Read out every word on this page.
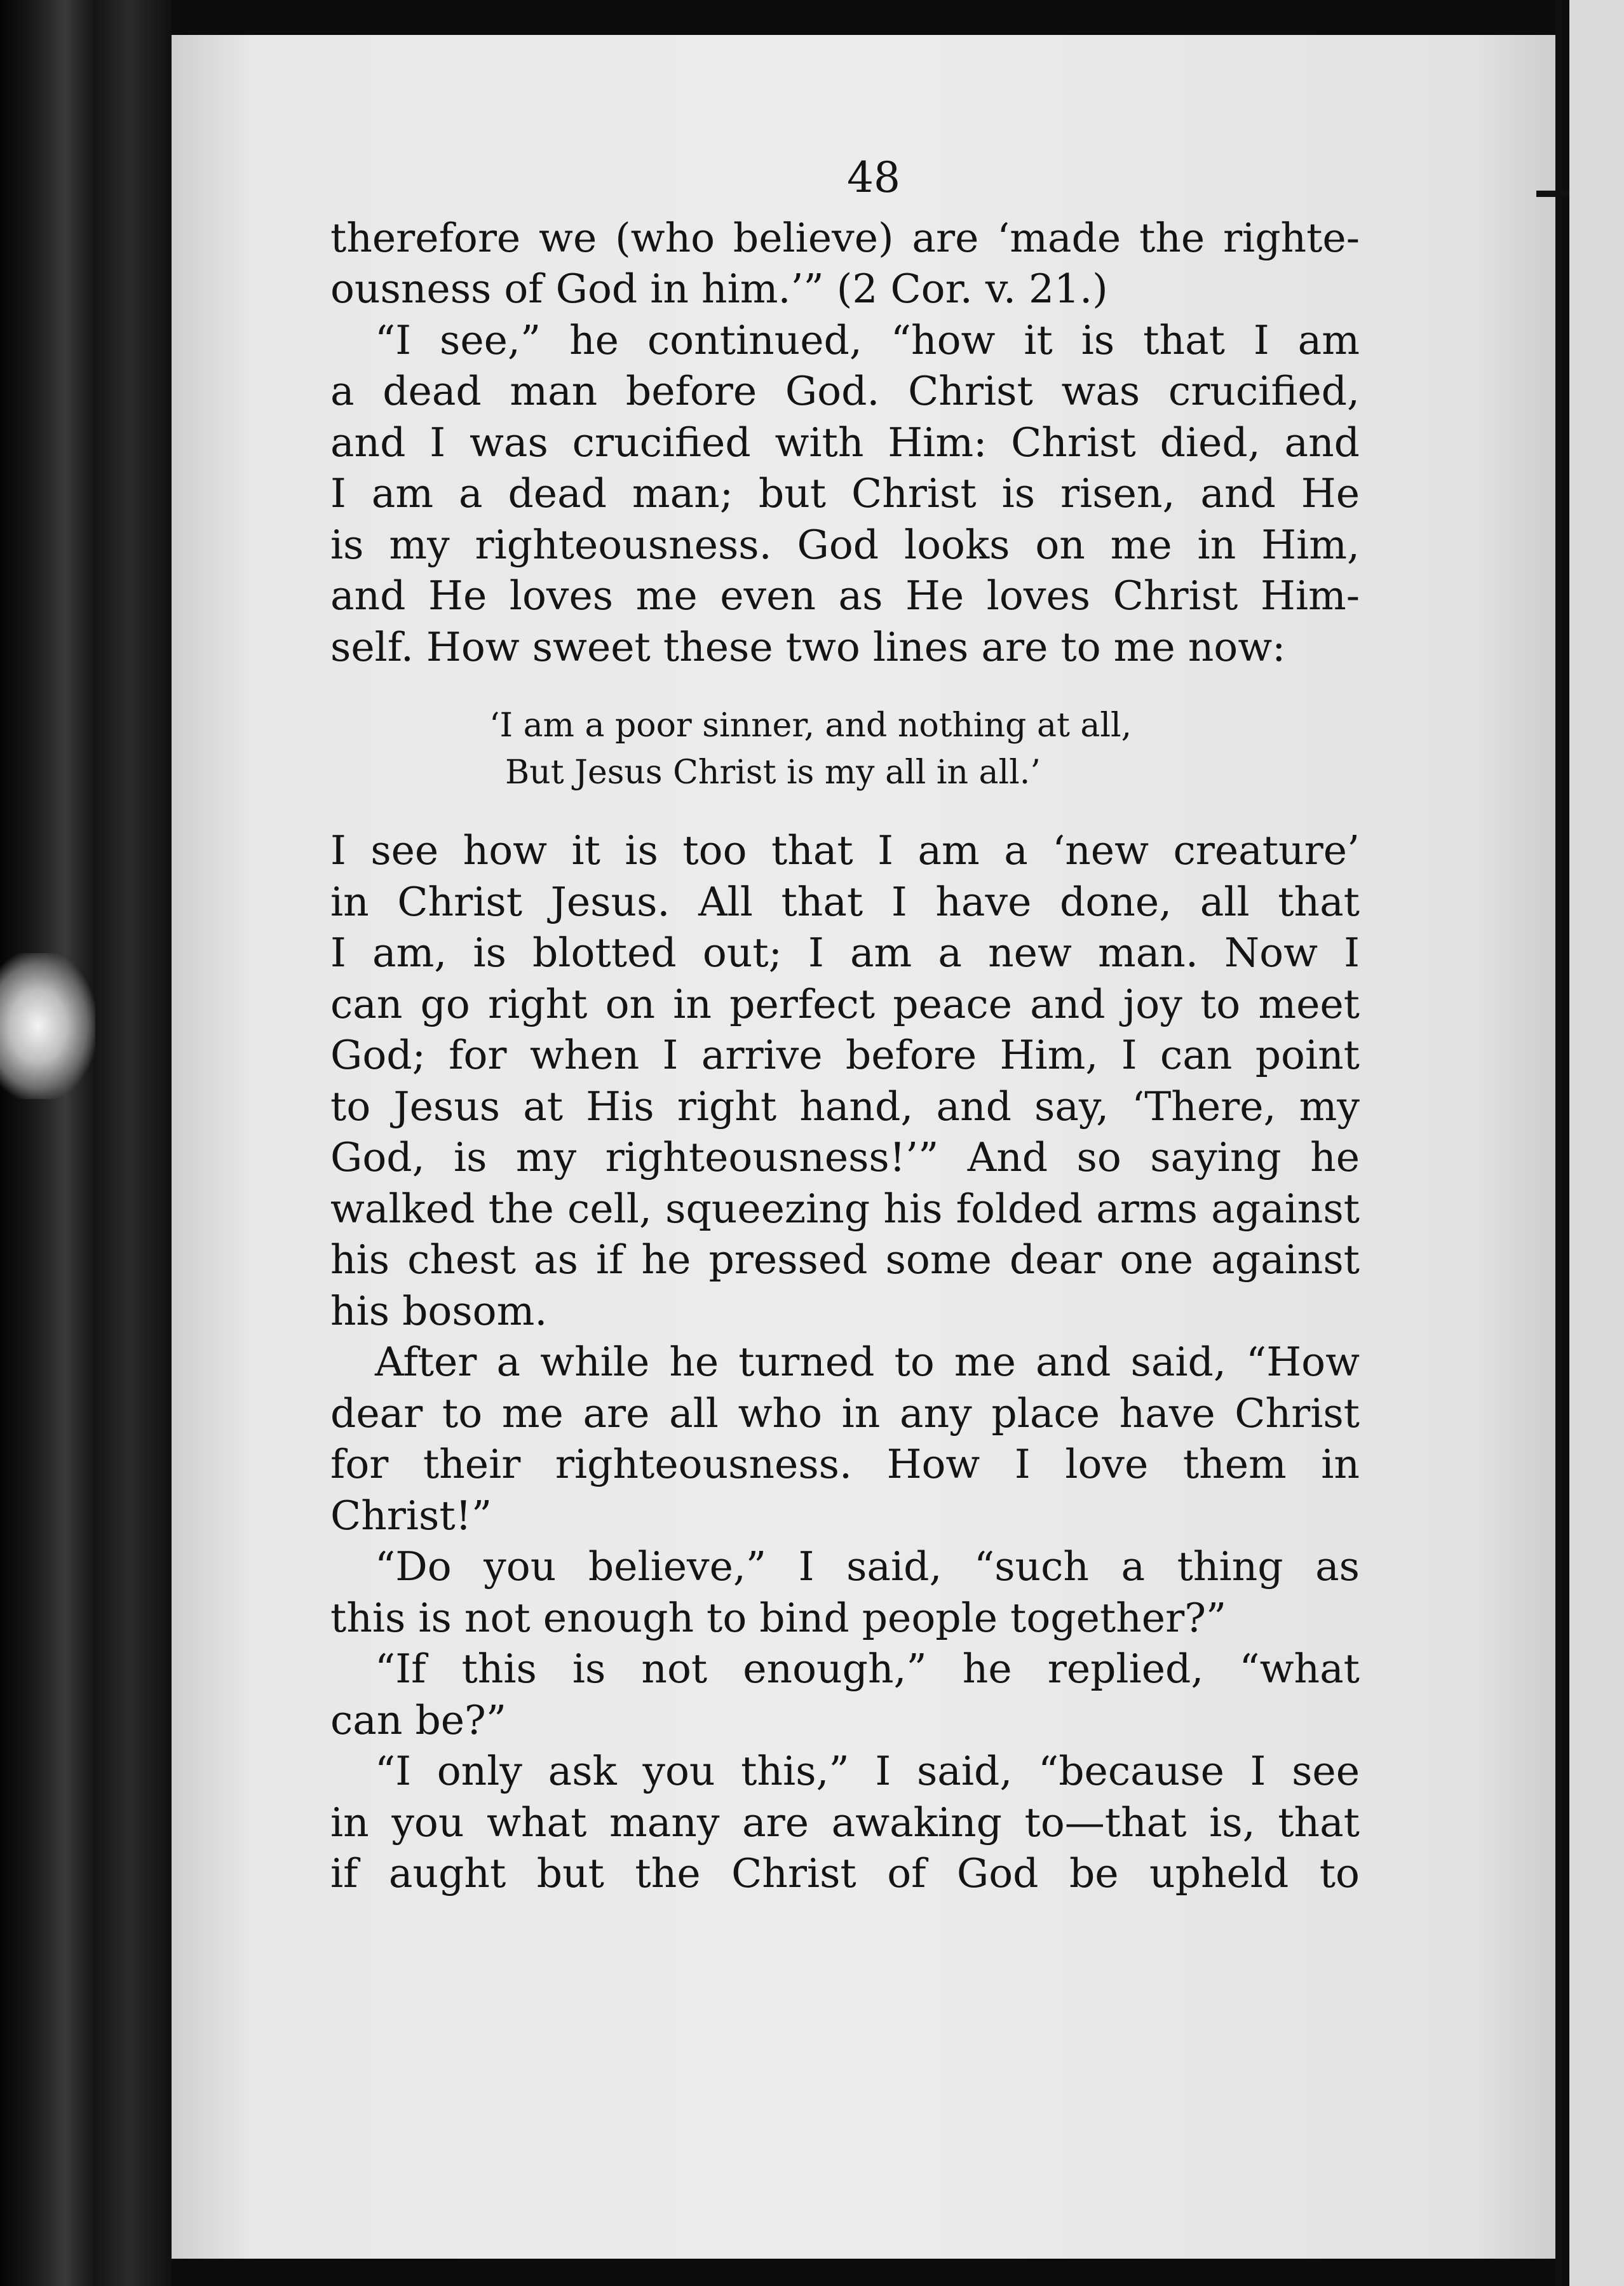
48
therefore we (who believe) are ‘made the righte-
ousness of God in him.’” (2 Cor. v. 21.)
“I see,” he continued, “how it is that I am
a dead man before God. Christ was crucified,
and I was crucified with Him: Christ died, and
I am a dead man; but Christ is risen, and He
is my righteousness. God looks on me in Him,
and He loves me even as He loves Christ Him-
self. How sweet these two lines are to me now:
‘I am a poor sinner, and nothing at all,
But Jesus Christ is my all in all.’
I see how it is too that I am a ‘new creature’
in Christ Jesus. All that I have done, all that
I am, is blotted out; I am a new man. Now I
can go right on in perfect peace and joy to meet
God; for when I arrive before Him, I can point
to Jesus at His right hand, and say, ‘There, my
God, is my righteousness!’” And so saying he
walked the cell, squeezing his folded arms against
his chest as if he pressed some dear one against
his bosom.
After a while he turned to me and said, “How
dear to me are all who in any place have Christ
for their righteousness. How I love them in
Christ!”
“Do you believe,” I said, “such a thing as
this is not enough to bind people together?”
“If this is not enough,” he replied, “what
can be?”
“I only ask you this,” I said, “because I see
in you what many are awaking to—that is, that
if aught but the Christ of God be upheld to
